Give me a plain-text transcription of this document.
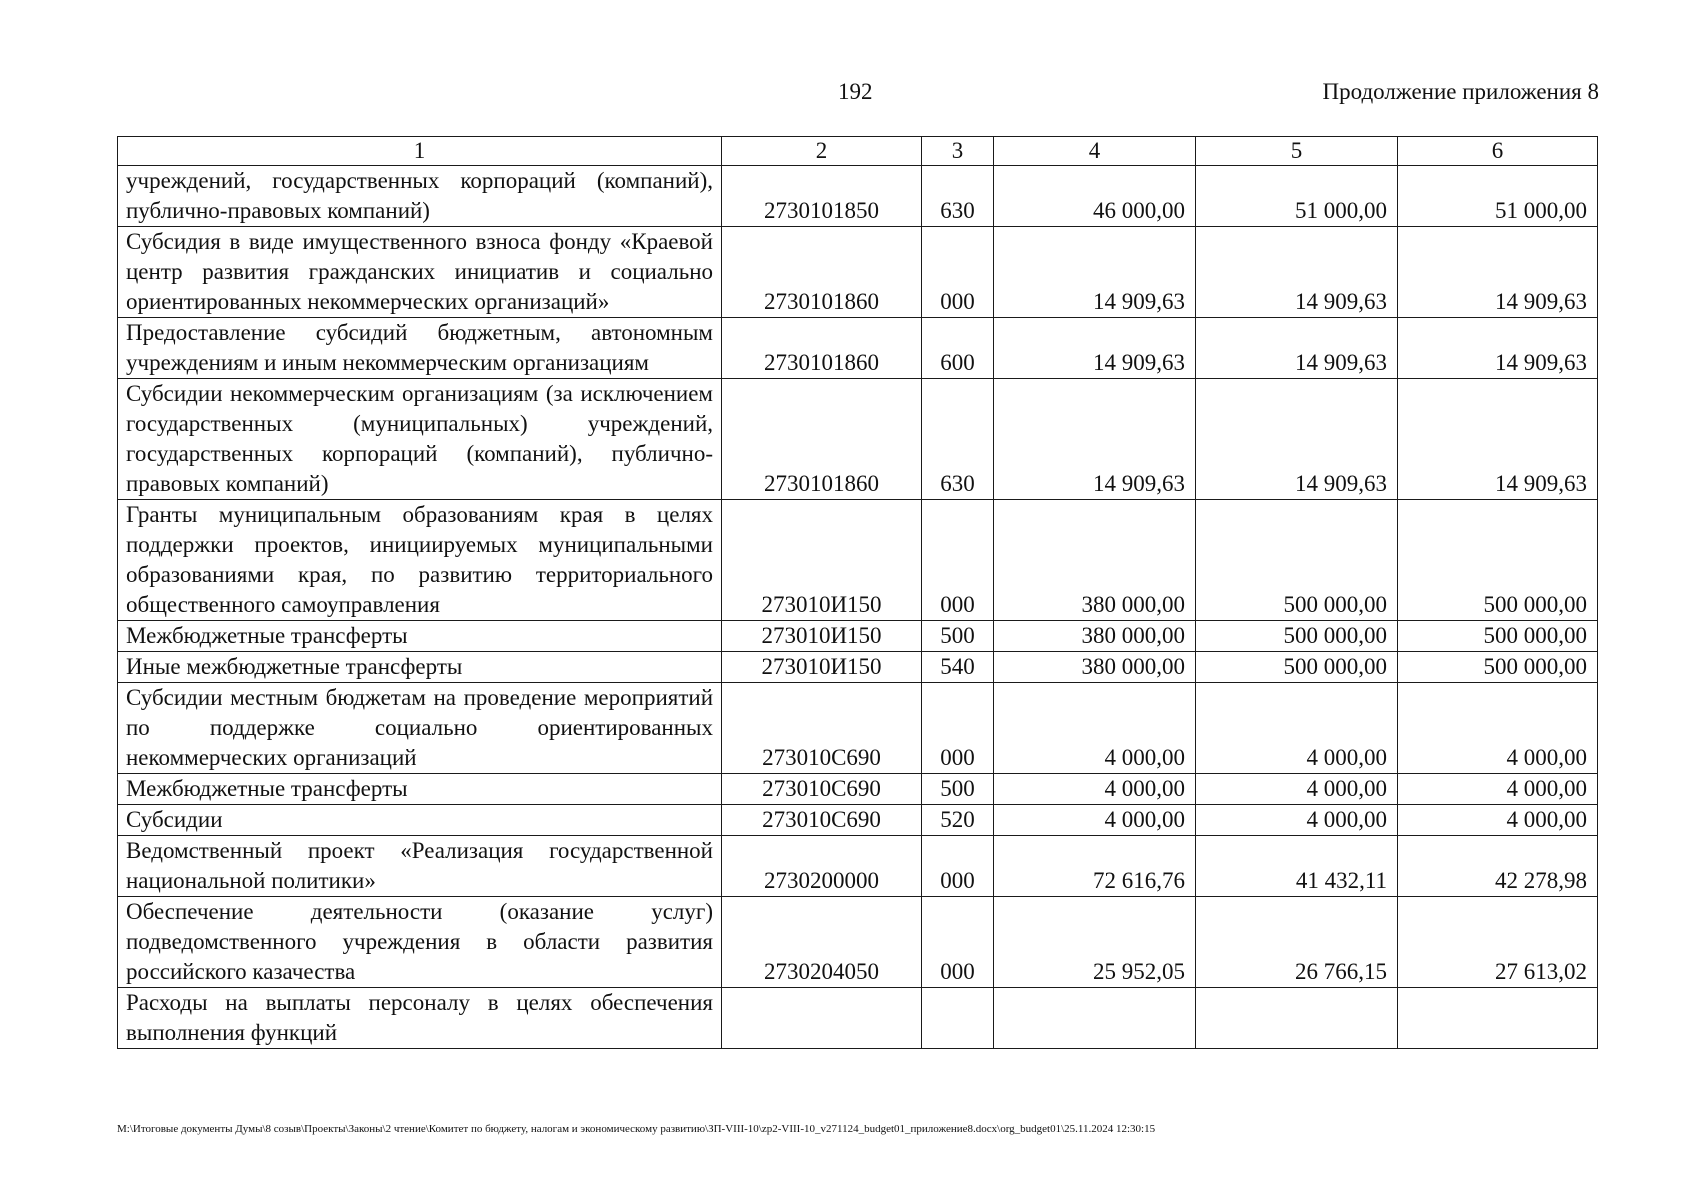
192	Продолжение приложения 8
1	2	3	4	5	6
учреждений, государственных корпораций (компаний), публично-правовых компаний)	2730101850	630	46 000,00	51 000,00	51 000,00
Субсидия в виде имущественного взноса фонду «Краевой центр развития гражданских инициатив и социально ориентированных некоммерческих организаций»	2730101860	000	14 909,63	14 909,63	14 909,63
Предоставление субсидий бюджетным, автономным учреждениям и иным некоммерческим организациям	2730101860	600	14 909,63	14 909,63	14 909,63
Субсидии некоммерческим организациям (за исключением государственных (муниципальных) учреждений, государственных корпораций (компаний), публично-правовых компаний)	2730101860	630	14 909,63	14 909,63	14 909,63
Гранты муниципальным образованиям края в целях поддержки проектов, инициируемых муниципальными образованиями края, по развитию территориального общественного самоуправления	273010И150	000	380 000,00	500 000,00	500 000,00
Межбюджетные трансферты	273010И150	500	380 000,00	500 000,00	500 000,00
Иные межбюджетные трансферты	273010И150	540	380 000,00	500 000,00	500 000,00
Субсидии местным бюджетам на проведение мероприятий по поддержке социально ориентированных некоммерческих организаций	273010С690	000	4 000,00	4 000,00	4 000,00
Межбюджетные трансферты	273010С690	500	4 000,00	4 000,00	4 000,00
Субсидии	273010С690	520	4 000,00	4 000,00	4 000,00
Ведомственный проект «Реализация государственной национальной политики»	2730200000	000	72 616,76	41 432,11	42 278,98
Обеспечение деятельности (оказание услуг) подведомственного учреждения в области развития российского казачества	2730204050	000	25 952,05	26 766,15	27 613,02
Расходы на выплаты персоналу в целях обеспечения выполнения функций					
М:\Итоговые документы Думы\8 созыв\Проекты\Законы\2 чтение\Комитет по бюджету, налогам и экономическому развитию\ЗП-VIII-10\zp2-VIII-10_v271124_budget01_приложение8.docx\org_budget01\25.11.2024 12:30:15
